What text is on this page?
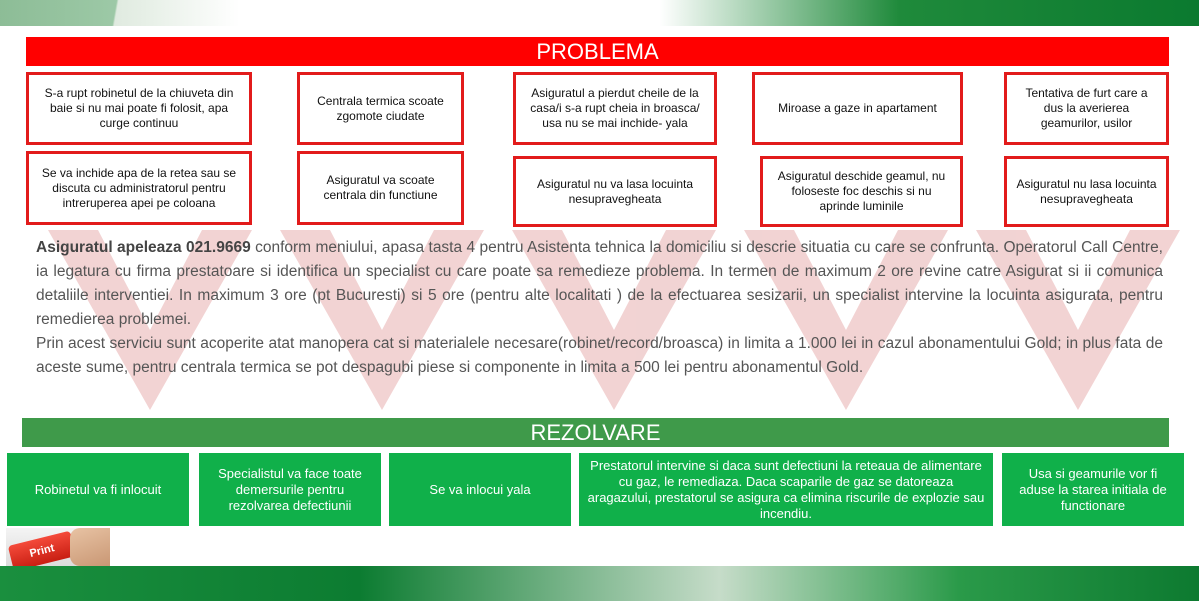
PROBLEMA
S-a rupt robinetul de la chiuveta din baie si nu mai poate fi folosit, apa curge continuu
Centrala termica scoate zgomote ciudate
Asiguratul a pierdut cheile de la casa/i s-a rupt cheia in broasca/ usa nu se mai inchide- yala
Miroase a gaze in apartament
Tentativa de furt care a dus la averierea geamurilor, usilor
Se va inchide apa de la retea sau se discuta cu administratorul pentru intreruperea apei pe coloana
Asiguratul va scoate centrala din functiune
Asiguratul nu va lasa locuinta nesupravegheata
Asiguratul deschide geamul, nu foloseste foc deschis si nu aprinde luminile
Asiguratul nu lasa locuinta nesupravegheata

Asiguratul apeleaza 021.9669 conform meniului, apasa tasta 4 pentru Asistenta tehnica la domiciliu si descrie situatia cu care se confrunta. Operatorul Call Centre, ia legatura cu firma prestatoare si identifica un specialist cu care poate sa remedieze problema. In termen de maximum 2 ore revine catre Asigurat si ii comunica detaliile interventiei. In maximum 3 ore (pt Bucuresti) si 5 ore (pentru alte localitati ) de la efectuarea sesizarii, un specialist intervine la locuinta asigurata, pentru remedierea problemei.

Prin acest serviciu sunt acoperite atat manopera cat si materialele necesare(robinet/record/broasca) in limita a 1.000 lei in cazul abonamentului Gold; in plus fata de aceste sume, pentru centrala termica se pot despagubi piese si componente in limita a 500 lei pentru abonamentul Gold.

REZOLVARE
Robinetul va fi inlocuit
Specialistul va face toate demersurile pentru rezolvarea defectiunii
Se va inlocui yala
Prestatorul intervine si daca sunt defectiuni la reteaua de alimentare cu gaz, le remediaza. Daca scaparile de gaz se datoreaza aragazului, prestatorul se asigura ca elimina riscurile de explozie sau incendiu.
Usa si geamurile vor fi aduse la starea initiala de functionare
Print
